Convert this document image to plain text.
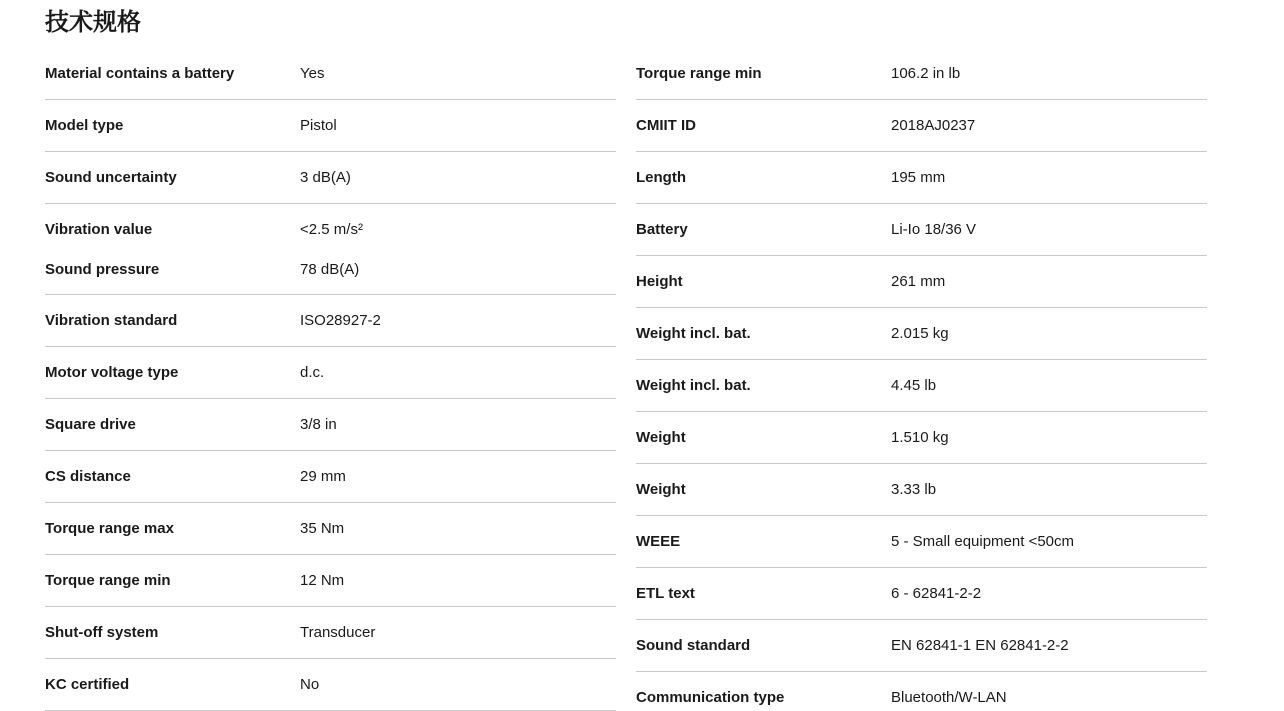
技术规格
Material contains a battery	Yes
Model type	Pistol
Sound uncertainty	3 dB(A)
Vibration value	<2.5 m/s²
Sound pressure	78 dB(A)
Vibration standard	ISO28927-2
Motor voltage type	d.c.
Square drive	3/8 in
CS distance	29 mm
Torque range max	35 Nm
Torque range min	12 Nm
Shut-off system	Transducer
KC certified	No
Torque range min	106.2 in lb
CMIIT ID	2018AJ0237
Length	195 mm
Battery	Li-Io 18/36 V
Height	261 mm
Weight incl. bat.	2.015 kg
Weight incl. bat.	4.45 lb
Weight	1.510 kg
Weight	3.33 lb
WEEE	5 - Small equipment <50cm
ETL text	6 - 62841-2-2
Sound standard	EN 62841-1 EN 62841-2-2
Communication type	Bluetooth/W-LAN
